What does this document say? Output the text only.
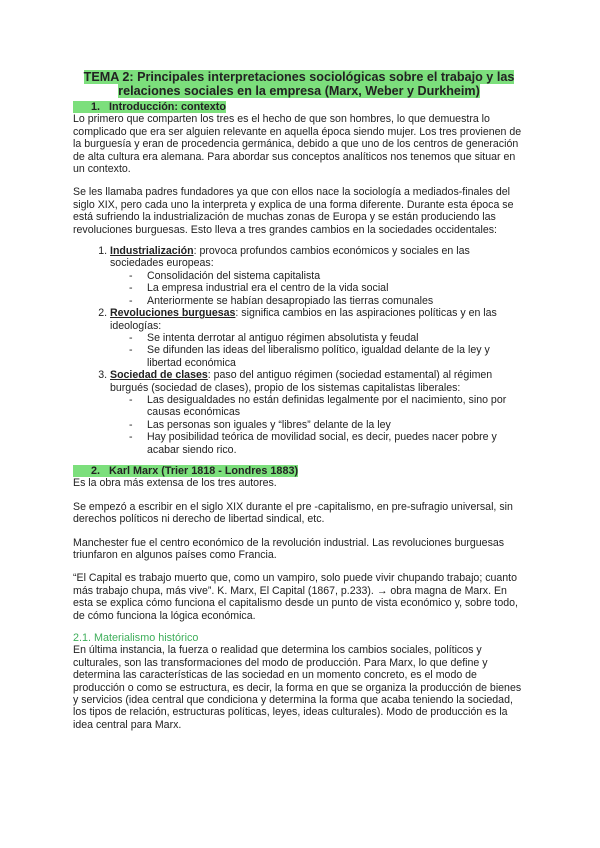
TEMA 2: Principales interpretaciones sociológicas sobre el trabajo y las
relaciones sociales en la empresa (Marx, Weber y Durkheim)
1. Introducción: contexto

Lo primero que comparten los tres es el hecho de que son hombres, lo que demuestra lo complicado que era ser alguien relevante en aquella época siendo mujer. Los tres provienen de la burguesía y eran de procedencia germánica, debido a que uno de los centros de generación de alta cultura era alemana. Para abordar sus conceptos analíticos nos tenemos que situar en un contexto.

Se les llamaba padres fundadores ya que con ellos nace la sociología a mediados-finales del siglo XIX, pero cada uno la interpreta y explica de una forma diferente. Durante esta época se está sufriendo la industrialización de muchas zonas de Europa y se están produciendo las revoluciones burguesas. Esto lleva a tres grandes cambios en la sociedades occidentales:

1. Industrialización: provoca profundos cambios económicos y sociales en las sociedades europeas:
- Consolidación del sistema capitalista
- La empresa industrial era el centro de la vida social
- Anteriormente se habían desapropiado las tierras comunales
2. Revoluciones burguesas: significa cambios en las aspiraciones políticas y en las ideologías:
- Se intenta derrotar al antiguo régimen absolutista y feudal
- Se difunden las ideas del liberalismo político, igualdad delante de la ley y libertad económica
3. Sociedad de clases: paso del antiguo régimen (sociedad estamental) al régimen burgués (sociedad de clases), propio de los sistemas capitalistas liberales:
- Las desigualdades no están definidas legalmente por el nacimiento, sino por causas económicas
- Las personas son iguales y “libres” delante de la ley
- Hay posibilidad teórica de movilidad social, es decir, puedes nacer pobre y acabar siendo rico.
2. Karl Marx (Trier 1818 - Londres 1883)

Es la obra más extensa de los tres autores.

Se empezó a escribir en el siglo XIX durante el pre -capitalismo, en pre-sufragio universal, sin derechos políticos ni derecho de libertad sindical, etc.

Manchester fue el centro económico de la revolución industrial. Las revoluciones burguesas triunfaron en algunos países como Francia.

“El Capital es trabajo muerto que, como un vampiro, solo puede vivir chupando trabajo; cuanto más trabajo chupa, más vive”. K. Marx, El Capital (1867, p.233). → obra magna de Marx. En esta se explica cómo funciona el capitalismo desde un punto de vista económico y, sobre todo, de cómo funciona la lógica económica.

2.1. Materialismo histórico

En última instancia, la fuerza o realidad que determina los cambios sociales, políticos y culturales, son las transformaciones del modo de producción. Para Marx, lo que define y determina las características de las sociedad en un momento concreto, es el modo de producción o como se estructura, es decir, la forma en que se organiza la producción de bienes y servicios (idea central que condiciona y determina la forma que acaba teniendo la sociedad, los tipos de relación, estructuras políticas, leyes, ideas culturales). Modo de producción es la idea central para Marx.
